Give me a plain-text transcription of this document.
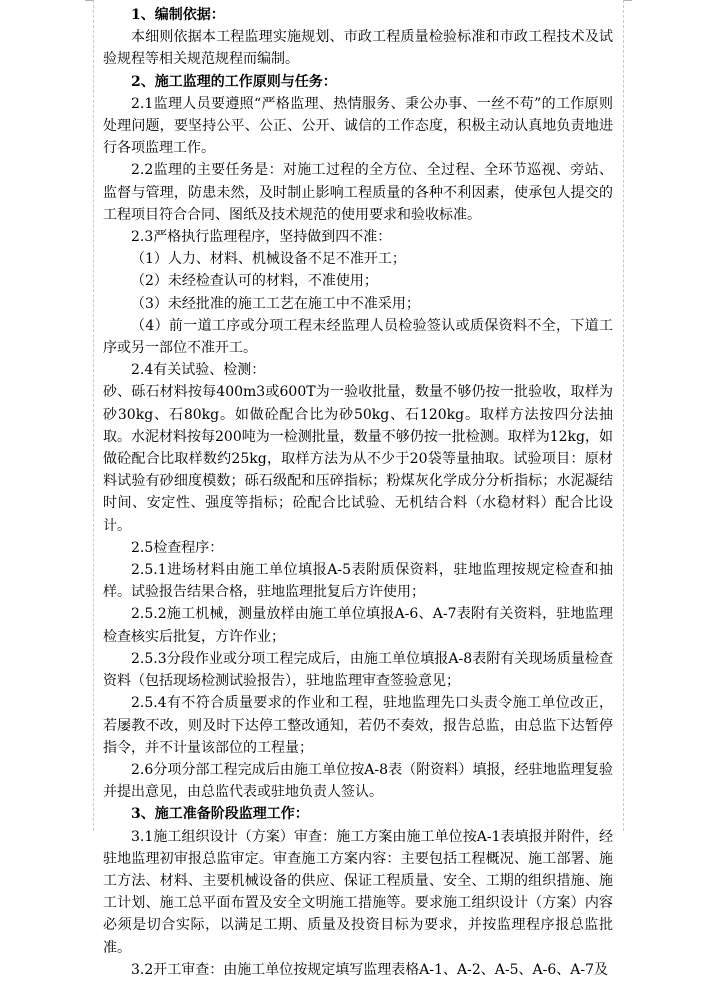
1、编制依据：

本细则依据本工程监理实施规划、市政工程质量检验标准和市政工程技术及试验规程等相关规范规程而编制。

2、施工监理的工作原则与任务：

2.1监理人员要遵照“严格监理、热情服务、秉公办事、一丝不苟”的工作原则处理问题，要坚持公平、公正、公开、诚信的工作态度，积极主动认真地负责地进行各项监理工作。

2.2监理的主要任务是：对施工过程的全方位、全过程、全环节巡视、旁站、监督与管理，防患未然，及时制止影响工程质量的各种不利因素，使承包人提交的工程项目符合合同、图纸及技术规范的使用要求和验收标准。

2.3严格执行监理程序，坚持做到四不准：

（1）人力、材料、机械设备不足不准开工；

（2）未经检查认可的材料，不准使用；

（3）未经批准的施工工艺在施工中不准采用；

（4）前一道工序或分项工程未经监理人员检验签认或质保资料不全，下道工序或另一部位不准开工。

2.4有关试验、检测：

砂、砾石材料按每400m3或600T为一验收批量，数量不够仍按一批验收，取样为砂30kg、石80kg。如做砼配合比为砂50kg、石120kg。取样方法按四分法抽取。水泥材料按每200吨为一检测批量，数量不够仍按一批检测。取样为12kg，如做砼配合比取样数约25kg，取样方法为从不少于20袋等量抽取。试验项目：原材料试验有砂细度模数；砾石级配和压碎指标；粉煤灰化学成分分析指标；水泥凝结时间、安定性、强度等指标；砼配合比试验、无机结合料（水稳材料）配合比设计。

2.5检查程序：

2.5.1进场材料由施工单位填报A-5表附质保资料，驻地监理按规定检查和抽样。试验报告结果合格，驻地监理批复后方许使用；

2.5.2施工机械，测量放样由施工单位填报A-6、A-7表附有关资料，驻地监理检查核实后批复，方许作业；

2.5.3分段作业或分项工程完成后，由施工单位填报A-8表附有关现场质量检查资料（包括现场检测试验报告），驻地监理审查签验意见；

2.5.4有不符合质量要求的作业和工程，驻地监理先口头责令施工单位改正，若屡教不改，则及时下达停工整改通知，若仍不奏效，报告总监，由总监下达暂停指令，并不计量该部位的工程量；

2.6分项分部工程完成后由施工单位按A-8表（附资料）填报，经驻地监理复验并提出意见，由总监代表或驻地负责人签认。

3、施工准备阶段监理工作：

3.1施工组织设计（方案）审查：施工方案由施工单位按A-1表填报并附件，经驻地监理初审报总监审定。审查施工方案内容：主要包括工程概况、施工部署、施工方法、材料、主要机械设备的供应、保证工程质量、安全、工期的组织措施、施工计划、施工总平面布置及安全文明施工措施等。要求施工组织设计（方案）内容必须是切合实际，以满足工期、质量及投资目标为要求，并按监理程序报总监批准。

3.2开工审查：由施工单位按规定填写监理表格A-1、A-2、A-5、A-6、A-7及
